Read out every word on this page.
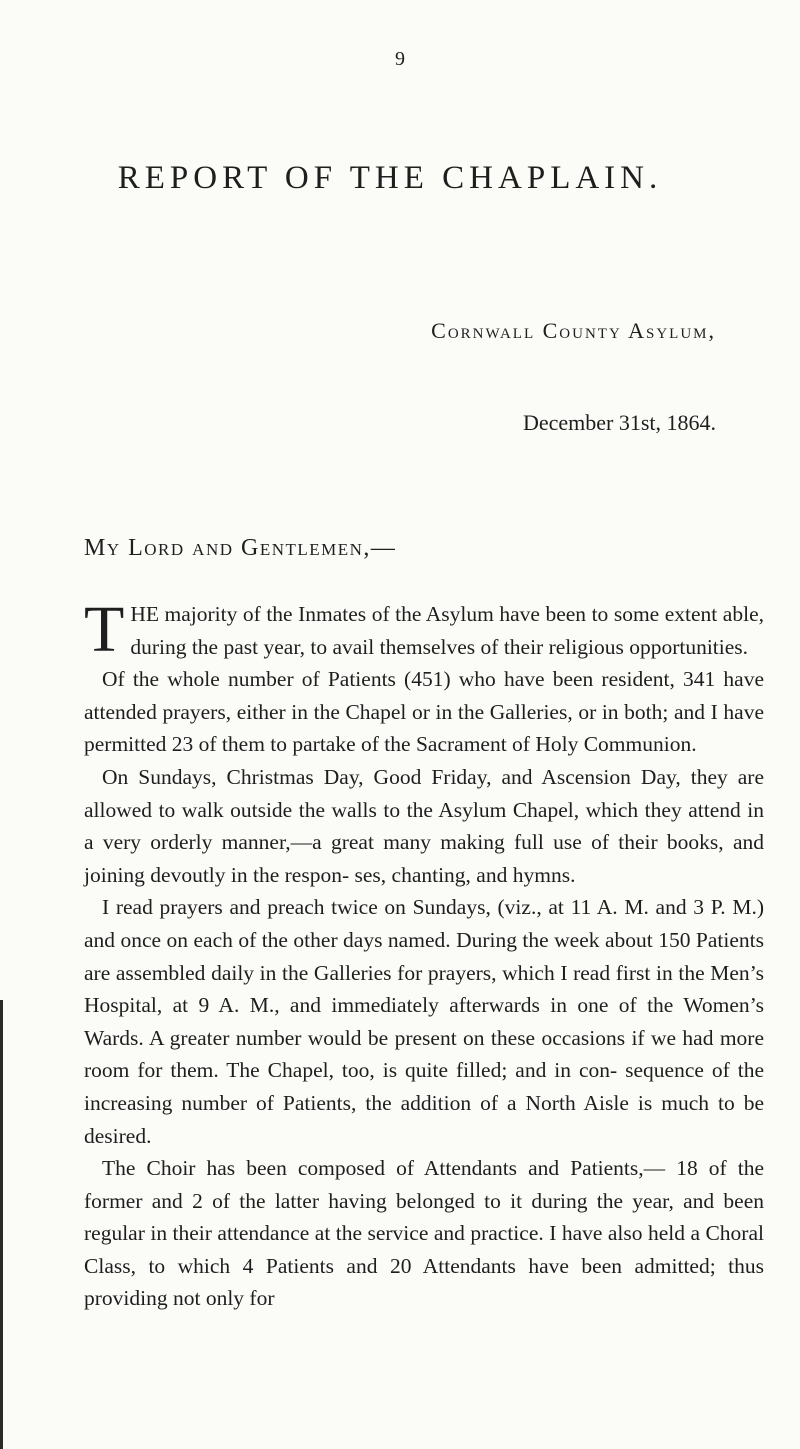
9
REPORT OF THE CHAPLAIN.
Cornwall County Asylum,
December 31st, 1864.
My Lord and Gentlemen,—

THE majority of the Inmates of the Asylum have been to some extent able, during the past year, to avail themselves of their religious opportunities.

Of the whole number of Patients (451) who have been resident, 341 have attended prayers, either in the Chapel or in the Galleries, or in both; and I have permitted 23 of them to partake of the Sacrament of Holy Communion.

On Sundays, Christmas Day, Good Friday, and Ascension Day, they are allowed to walk outside the walls to the Asylum Chapel, which they attend in a very orderly manner,—a great many making full use of their books, and joining devoutly in the respon- ses, chanting, and hymns.

I read prayers and preach twice on Sundays, (viz., at 11 A. M. and 3 P. M.) and once on each of the other days named. During the week about 150 Patients are assembled daily in the Galleries for prayers, which I read first in the Men’s Hospital, at 9 A. M., and immediately afterwards in one of the Women’s Wards. A greater number would be present on these occasions if we had more room for them. The Chapel, too, is quite filled; and in con- sequence of the increasing number of Patients, the addition of a North Aisle is much to be desired.

The Choir has been composed of Attendants and Patients,— 18 of the former and 2 of the latter having belonged to it during the year, and been regular in their attendance at the service and practice. I have also held a Choral Class, to which 4 Patients and 20 Attendants have been admitted; thus providing not only for
